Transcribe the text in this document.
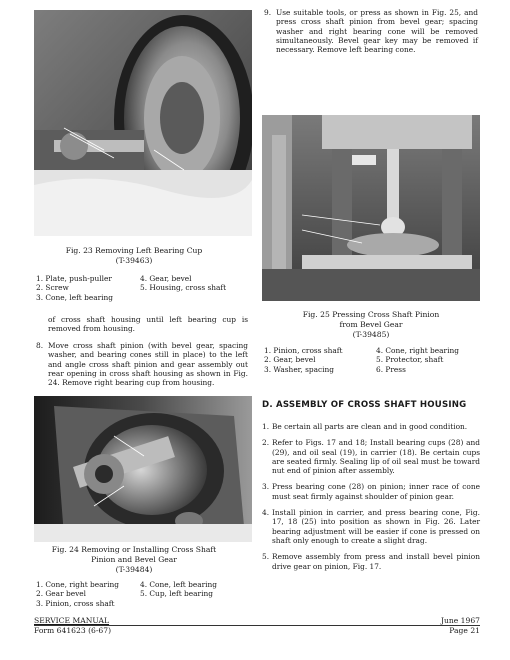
Fig. 23 Removing Left Bearing Cup
(T-39463)
1. Plate, push-puller	4. Gear, bevel
2. Screw	5. Housing, cross shaft
3. Cone, left bearing
of cross shaft housing until left bearing cup is removed from housing.
8. Move cross shaft pinion (with bevel gear, spacing washer, and bearing cones still in place) to the left and angle cross shaft pinion and gear assembly out rear opening in cross shaft housing as shown in Fig. 24. Remove right bearing cup from housing.
Fig. 24 Removing or Installing Cross Shaft
Pinion and Bevel Gear
(T-39484)
1. Cone, right bearing	4. Cone, left bearing
2. Gear bevel	5. Cup, left bearing
3. Pinion, cross shaft
9. Use suitable tools, or press as shown in Fig. 25, and press cross shaft pinion from bevel gear; spacing washer and right bearing cone will be removed simultaneously. Bevel gear key may be removed if necessary. Remove left bearing cone.
Fig. 25 Pressing Cross Shaft Pinion
from Bevel Gear
(T-39485)
1. Pinion, cross shaft	4. Cone, right bearing
2. Gear, bevel	5. Protector, shaft
3. Washer, spacing	6. Press
D. ASSEMBLY OF CROSS SHAFT HOUSING
1. Be certain all parts are clean and in good condition.
2. Refer to Figs. 17 and 18; Install bearing cups (28) and (29), and oil seal (19), in carrier (18). Be certain cups are seated firmly. Sealing lip of oil seal must be toward nut end of pinion after assembly.
3. Press bearing cone (28) on pinion; inner race of cone must seat firmly against shoulder of pinion gear.
4. Install pinion in carrier, and press bearing cone, Fig. 17, 18 (25) into position as shown in Fig. 26. Later bearing adjustment will be easier if cone is pressed on shaft only enough to create a slight drag.
5. Remove assembly from press and install bevel pinion drive gear on pinion, Fig. 17.
SERVICE MANUAL
Form 641623 (6-67)
June 1967
Page 21
